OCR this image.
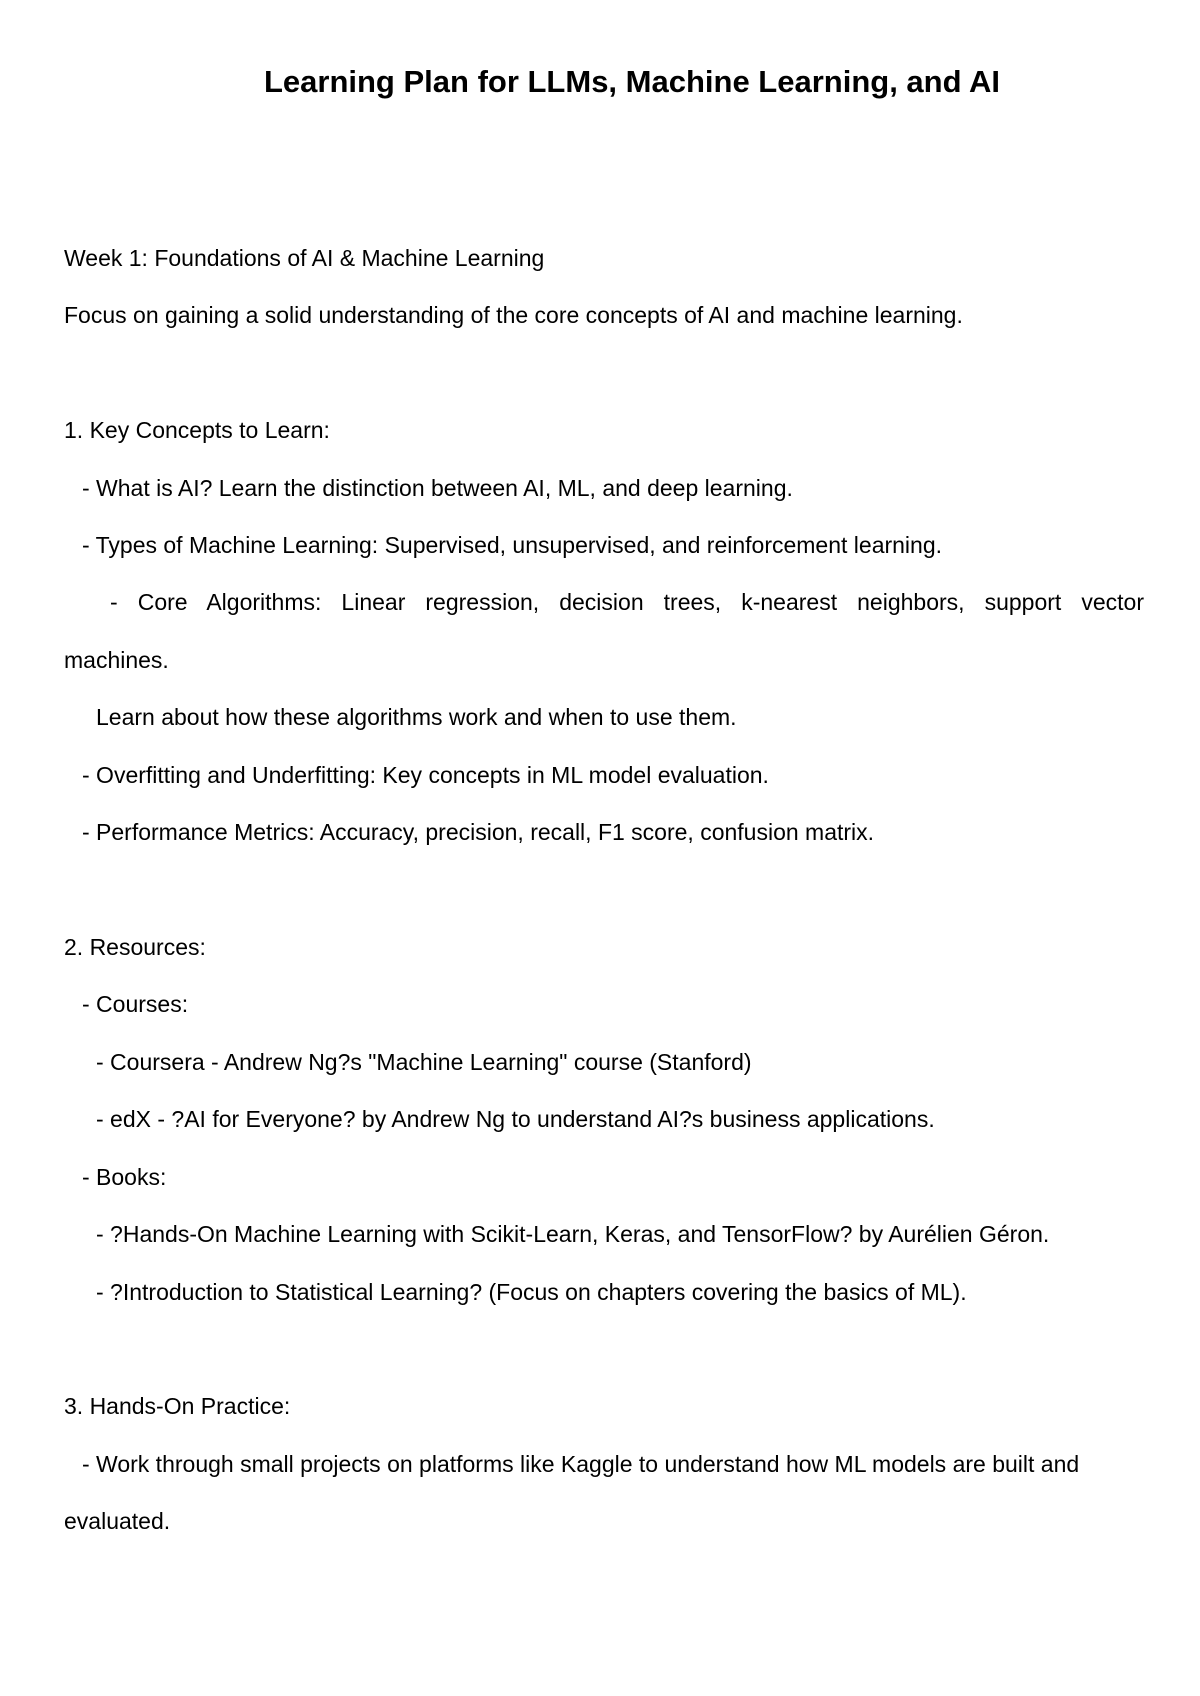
Learning Plan for LLMs, Machine Learning, and AI
Week 1: Foundations of AI & Machine Learning
Focus on gaining a solid understanding of the core concepts of AI and machine learning.
1. Key Concepts to Learn:
- What is AI? Learn the distinction between AI, ML, and deep learning.
- Types of Machine Learning: Supervised, unsupervised, and reinforcement learning.
- Core Algorithms: Linear regression, decision trees, k-nearest neighbors, support vector
machines.
Learn about how these algorithms work and when to use them.
- Overfitting and Underfitting: Key concepts in ML model evaluation.
- Performance Metrics: Accuracy, precision, recall, F1 score, confusion matrix.
2. Resources:
- Courses:
- Coursera - Andrew Ng?s "Machine Learning" course (Stanford)
- edX - ?AI for Everyone? by Andrew Ng to understand AI?s business applications.
- Books:
- ?Hands-On Machine Learning with Scikit-Learn, Keras, and TensorFlow? by Aurélien Géron.
- ?Introduction to Statistical Learning? (Focus on chapters covering the basics of ML).
3. Hands-On Practice:
- Work through small projects on platforms like Kaggle to understand how ML models are built and
evaluated.
